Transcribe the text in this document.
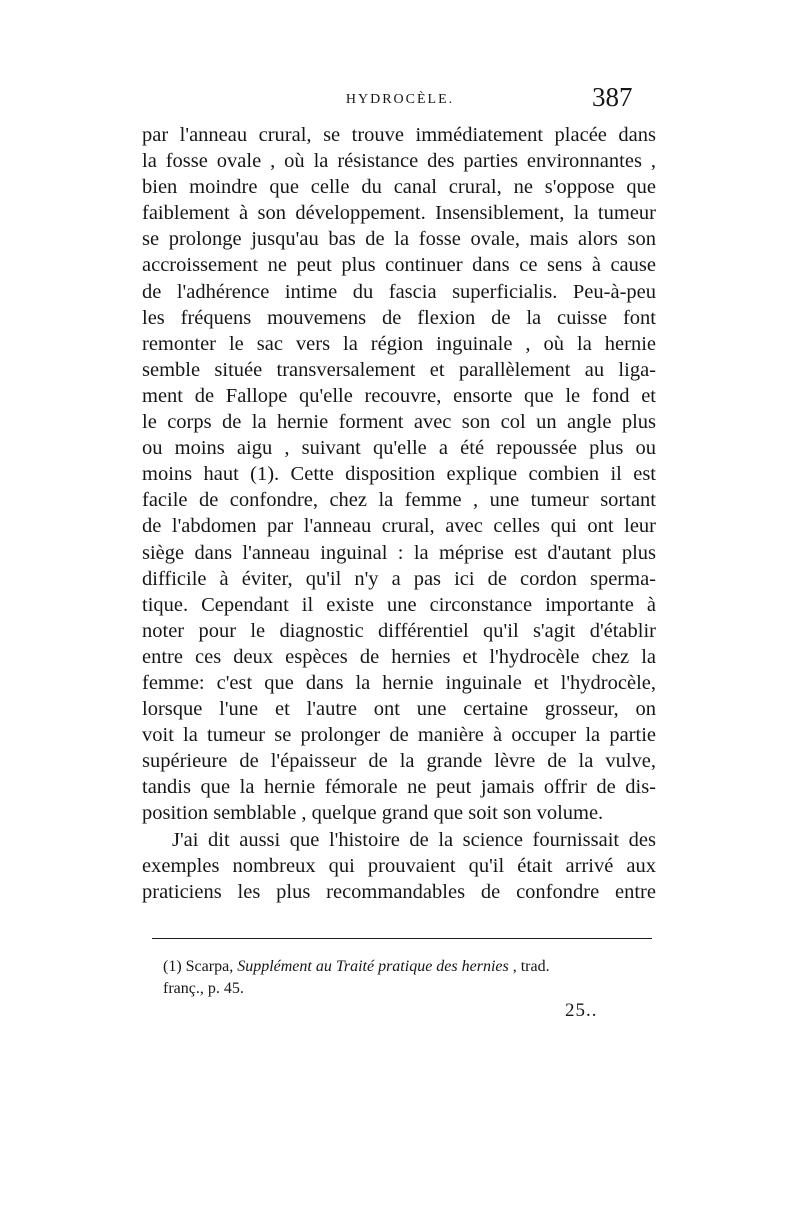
HYDROCÈLE.	387
par l'anneau crural, se trouve immédiatement placée dans
la fosse ovale , où la résistance des parties environnantes ,
bien moindre que celle du canal crural, ne s'oppose que
faiblement à son développement. Insensiblement, la tumeur
se prolonge jusqu'au bas de la fosse ovale, mais alors son
accroissement ne peut plus continuer dans ce sens à cause
de l'adhérence intime du fascia superficialis. Peu-à-peu
les fréquens mouvemens de flexion de la cuisse font
remonter le sac vers la région inguinale , où la hernie
semble située transversalement et parallèlement au liga-
ment de Fallope qu'elle recouvre, ensorte que le fond et
le corps de la hernie forment avec son col un angle plus
ou moins aigu , suivant qu'elle a été repoussée plus ou
moins haut (1). Cette disposition explique combien il est
facile de confondre, chez la femme , une tumeur sortant
de l'abdomen par l'anneau crural, avec celles qui ont leur
siège dans l'anneau inguinal : la méprise est d'autant plus
difficile à éviter, qu'il n'y a pas ici de cordon sperma-
tique. Cependant il existe une circonstance importante à
noter pour le diagnostic différentiel qu'il s'agit d'établir
entre ces deux espèces de hernies et l'hydrocèle chez la
femme: c'est que dans la hernie inguinale et l'hydrocèle,
lorsque l'une et l'autre ont une certaine grosseur, on
voit la tumeur se prolonger de manière à occuper la partie
supérieure de l'épaisseur de la grande lèvre de la vulve,
tandis que la hernie fémorale ne peut jamais offrir de dis-
position semblable , quelque grand que soit son volume.
J'ai dit aussi que l'histoire de la science fournissait des
exemples nombreux qui prouvaient qu'il était arrivé aux
praticiens les plus recommandables de confondre entre
(1) Scarpa, Supplément au Traité pratique des hernies , trad.
franç., p. 45.
25..
